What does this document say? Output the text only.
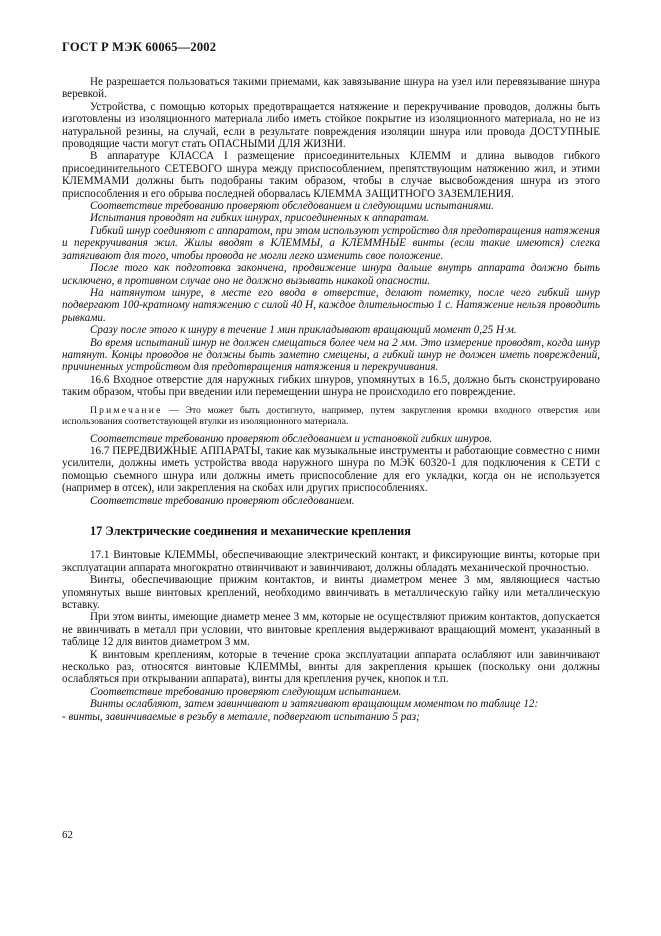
ГОСТ Р МЭК 60065—2002

Не разрешается пользоваться такими приемами, как завязывание шнура на узел или перевязывание шнура веревкой.

Устройства, с помощью которых предотвращается натяжение и перекручивание проводов, должны быть изготовлены из изоляционного материала либо иметь стойкое покрытие из изоляционного материала, но не из натуральной резины, на случай, если в результате повреждения изоляции шнура или провода ДОСТУПНЫЕ проводящие части могут стать ОПАСНЫМИ ДЛЯ ЖИЗНИ.

В аппаратуре КЛАССА I размещение присоединительных КЛЕММ и длина выводов гибкого присоединительного СЕТЕВОГО шнура между приспособлением, препятствующим натяжению жил, и этими КЛЕММАМИ должны быть подобраны таким образом, чтобы в случае высвобождения шнура из этого приспособления и его обрыва последней оборвалась КЛЕММА ЗАЩИТНОГО ЗАЗЕМЛЕНИЯ.

Соответствие требованию проверяют обследованием и следующими испытаниями.

Испытания проводят на гибких шнурах, присоединенных к аппаратам.

Гибкий шнур соединяют с аппаратом, при этом используют устройство для предотвращения натяжения и перекручивания жил. Жилы вводят в КЛЕММЫ, а КЛЕММНЫЕ винты (если такие имеются) слегка затягивают для того, чтобы провода не могли легко изменить свое положение.

После того как подготовка закончена, продвижение шнура дальше внутрь аппарата должно быть исключено, в противном случае оно не должно вызывать никакой опасности.

На натянутом шнуре, в месте его ввода в отверстие, делают пометку, после чего гибкий шнур подвергают 100-кратному натяжению с силой 40 Н, каждое длительностью 1 с. Натяжение нельзя проводить рывками.

Сразу после этого к шнуру в течение 1 мин прикладывают вращающий момент 0,25 Н·м.

Во время испытаний шнур не должен смещаться более чем на 2 мм. Это измерение проводят, когда шнур натянут. Концы проводов не должны быть заметно смещены, а гибкий шнур не должен иметь повреждений, причиненных устройством для предотвращения натяжения и перекручивания.

16.6 Входное отверстие для наружных гибких шнуров, упомянутых в 16.5, должно быть сконструировано таким образом, чтобы при введении или перемещении шнура не происходило его повреждение.

Примечание — Это может быть достигнуто, например, путем закругления кромки входного отверстия или использования соответствующей втулки из изоляционного материала.

Соответствие требованию проверяют обследованием и установкой гибких шнуров.

16.7 ПЕРЕДВИЖНЫЕ АППАРАТЫ, такие как музыкальные инструменты и работающие совместно с ними усилители, должны иметь устройства ввода наружного шнура по МЭК 60320-1 для подключения к СЕТИ с помощью съемного шнура или должны иметь приспособление для его укладки, когда он не используется (например в отсек), или закрепления на скобах или других приспособлениях.

Соответствие требованию проверяют обследованием.

17 Электрические соединения и механические крепления

17.1 Винтовые КЛЕММЫ, обеспечивающие электрический контакт, и фиксирующие винты, которые при эксплуатации аппарата многократно отвинчивают и завинчивают, должны обладать механической прочностью.

Винты, обеспечивающие прижим контактов, и винты диаметром менее 3 мм, являющиеся частью упомянутых выше винтовых креплений, необходимо ввинчивать в металлическую гайку или металлическую вставку.

При этом винты, имеющие диаметр менее 3 мм, которые не осуществляют прижим контактов, допускается не ввинчивать в металл при условии, что винтовые крепления выдерживают вращающий момент, указанный в таблице 12 для винтов диаметром 3 мм.

К винтовым креплениям, которые в течение срока эксплуатации аппарата ослабляют или завинчивают несколько раз, относятся винтовые КЛЕММЫ, винты для закрепления крышек (поскольку они должны ослабляться при открывании аппарата), винты для крепления ручек, кнопок и т.п.

Соответствие требованию проверяют следующим испытанием.

Винты ослабляют, затем завинчивают и затягивают вращающим моментом по таблице 12:

- винты, завинчиваемые в резьбу в металле, подвергают испытанию 5 раз;

62
